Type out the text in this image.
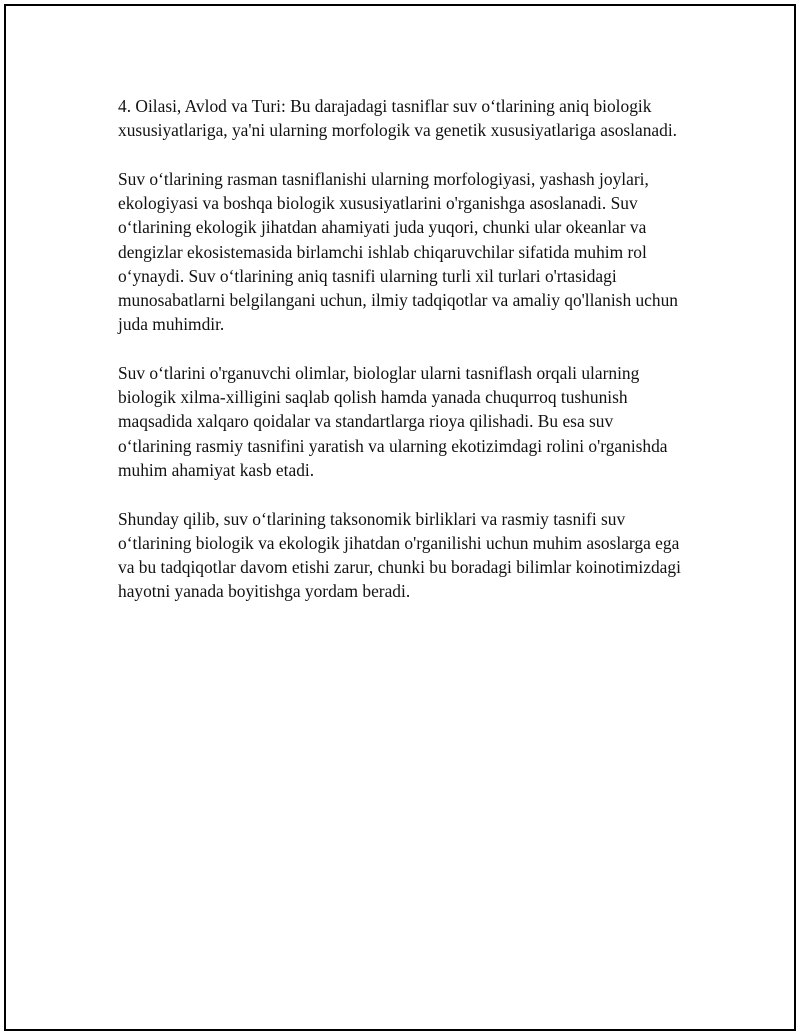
4. Oilasi, Avlod va Turi: Bu darajadagi tasniflar suv o‘tlarining aniq biologik xususiyatlariga, ya'ni ularning morfologik va genetik xususiyatlariga asoslanadi.

Suv o‘tlarining rasman tasniflanishi ularning morfologiyasi, yashash joylari, ekologiyasi va boshqa biologik xususiyatlarini o'rganishga asoslanadi. Suv o‘tlarining ekologik jihatdan ahamiyati juda yuqori, chunki ular okeanlar va dengizlar ekosistemasida birlamchi ishlab chiqaruvchilar sifatida muhim rol o‘ynaydi. Suv o‘tlarining aniq tasnifi ularning turli xil turlari o'rtasidagi munosabatlarni belgilangani uchun, ilmiy tadqiqotlar va amaliy qo'llanish uchun juda muhimdir.

Suv o‘tlarini o'rganuvchi olimlar, biologlar ularni tasniflash orqali ularning biologik xilma-xilligini saqlab qolish hamda yanada chuqurroq tushunish maqsadida xalqaro qoidalar va standartlarga rioya qilishadi. Bu esa suv o‘tlarining rasmiy tasnifini yaratish va ularning ekotizimdagi rolini o'rganishda muhim ahamiyat kasb etadi.

Shunday qilib, suv o‘tlarining taksonomik birliklari va rasmiy tasnifi suv o‘tlarining biologik va ekologik jihatdan o'rganilishi uchun muhim asoslarga ega va bu tadqiqotlar davom etishi zarur, chunki bu boradagi bilimlar koinotimizdagi hayotni yanada boyitishga yordam beradi.
